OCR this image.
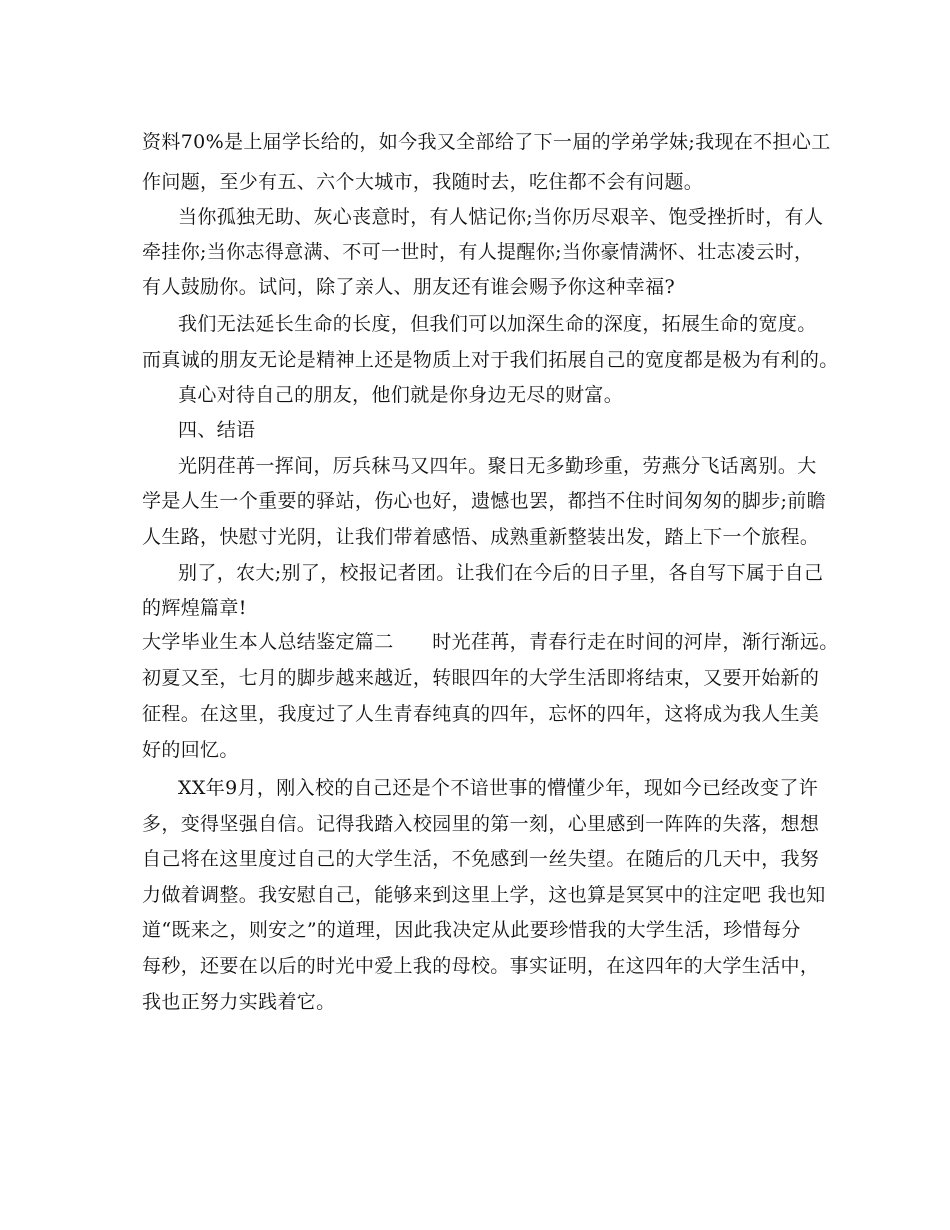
资料70%是上届学长给的，如今我又全部给了下一届的学弟学妹;我现在不担心工
作问题，至少有五、六个大城市，我随时去，吃住都不会有问题。
当你孤独无助、灰心丧意时，有人惦记你;当你历尽艰辛、饱受挫折时，有人
牵挂你;当你志得意满、不可一世时，有人提醒你;当你豪情满怀、壮志凌云时，
有人鼓励你。试问，除了亲人、朋友还有谁会赐予你这种幸福?
我们无法延长生命的长度，但我们可以加深生命的深度，拓展生命的宽度。
而真诚的朋友无论是精神上还是物质上对于我们拓展自己的宽度都是极为有利的。
真心对待自己的朋友，他们就是你身边无尽的财富。
四、结语
光阴荏苒一挥间，厉兵秣马又四年。聚日无多勤珍重，劳燕分飞话离别。大
学是人生一个重要的驿站，伤心也好，遗憾也罢，都挡不住时间匆匆的脚步;前瞻
人生路，快慰寸光阴，让我们带着感悟、成熟重新整装出发，踏上下一个旅程。
别了，农大;别了，校报记者团。让我们在今后的日子里，各自写下属于自己
的辉煌篇章!
大学毕业生本人总结鉴定篇二　　时光荏苒，青春行走在时间的河岸，渐行渐远。
初夏又至，七月的脚步越来越近，转眼四年的大学生活即将结束，又要开始新的
征程。在这里，我度过了人生青春纯真的四年，忘怀的四年，这将成为我人生美
好的回忆。
XX年9月，刚入校的自己还是个不谙世事的懵懂少年，现如今已经改变了许
多，变得坚强自信。记得我踏入校园里的第一刻，心里感到一阵阵的失落，想想
自己将在这里度过自己的大学生活，不免感到一丝失望。在随后的几天中，我努
力做着调整。我安慰自己，能够来到这里上学，这也算是冥冥中的注定吧 我也知
道“既来之，则安之”的道理，因此我决定从此要珍惜我的大学生活，珍惜每分
每秒，还要在以后的时光中爱上我的母校。事实证明，在这四年的大学生活中，
我也正努力实践着它。
